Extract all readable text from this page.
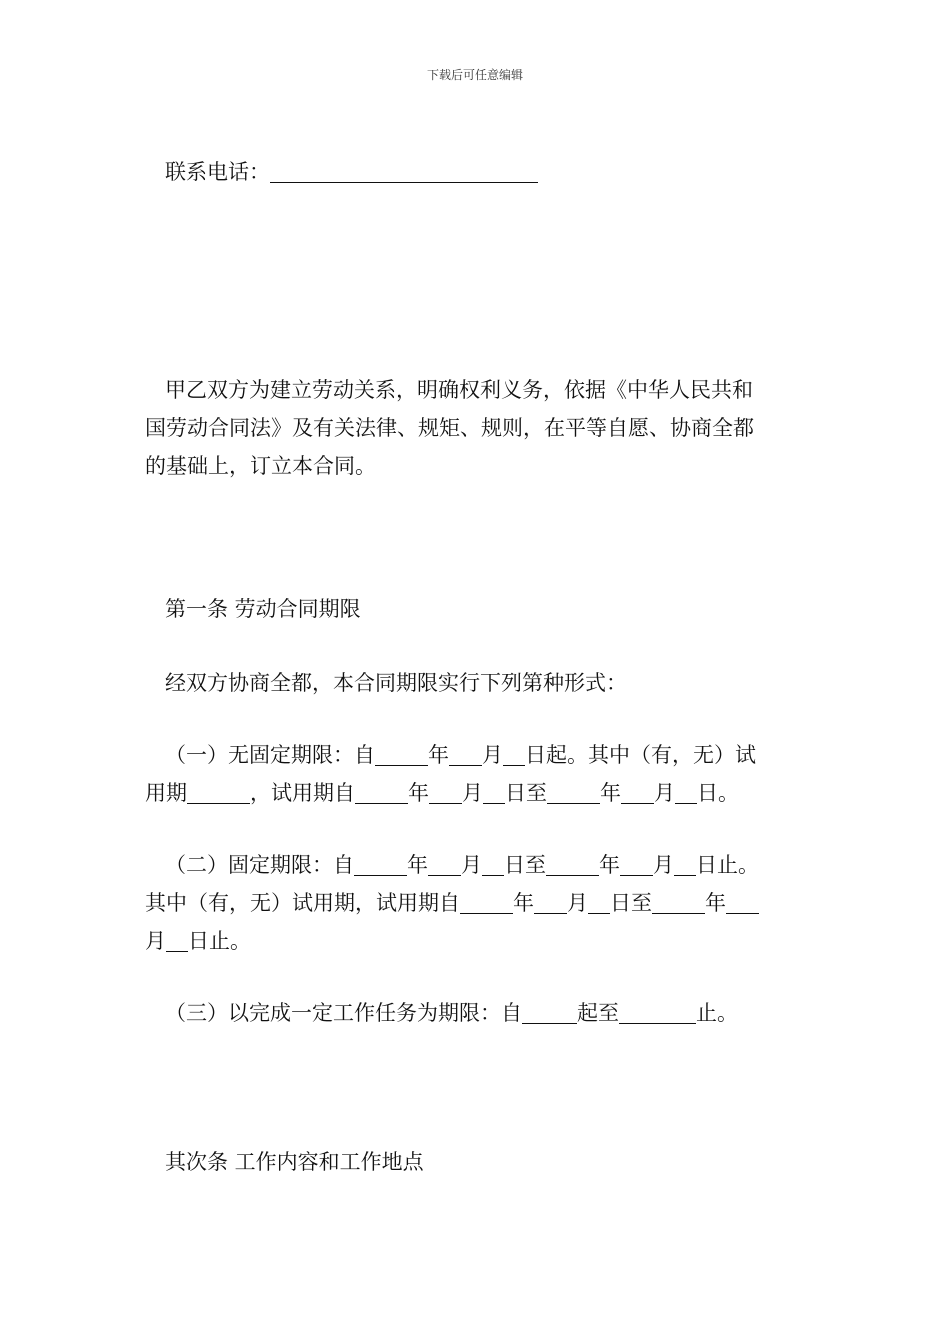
下载后可任意编辑
联系电话：
甲乙双方为建立劳动关系，明确权利义务，依据《中华人民共和
国劳动合同法》及有关法律、规矩、规则，在平等自愿、协商全都
的基础上，订立本合同。
第一条 劳动合同期限
经双方协商全都，本合同期限实行下列第种形式：
（一）无固定期限：自	年 月 日起。其中（有，无）试
用期	，试用期自	年 月 日至	年 月 日。
（二）固定期限：自	年 月 日至	年 月 日止。
其中（有，无）试用期，试用期自	年 月 日至	年
月 日止。
（三）以完成一定工作任务为期限：自	起至	止。
其次条 工作内容和工作地点
